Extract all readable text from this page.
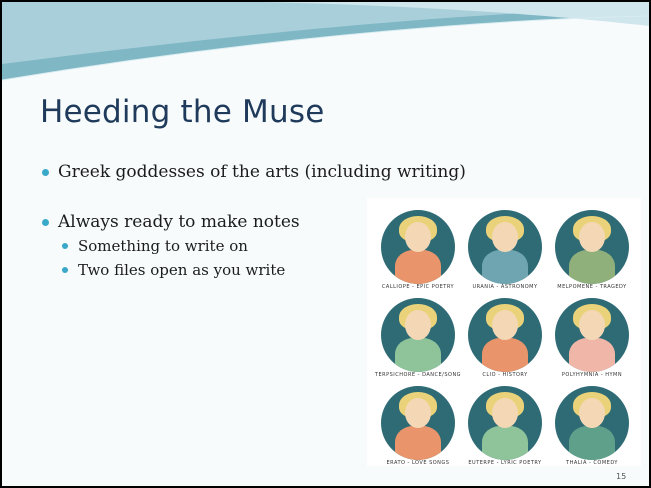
Heeding the Muse
Greek goddesses of the arts (including writing)
Always ready to make notes
Something to write on
Two files open as you write
CALLIOPE - EPIC POETRY	URANIA - ASTRONOMY	MELPOMENE - TRAGEDY
TERPSICHORE - DANCE/SONG	CLIO - HISTORY	POLYHYMNIA - HYMN
ERATO - LOVE SONGS	EUTERPE - LYRIC POETRY	THALIA - COMEDY
15
